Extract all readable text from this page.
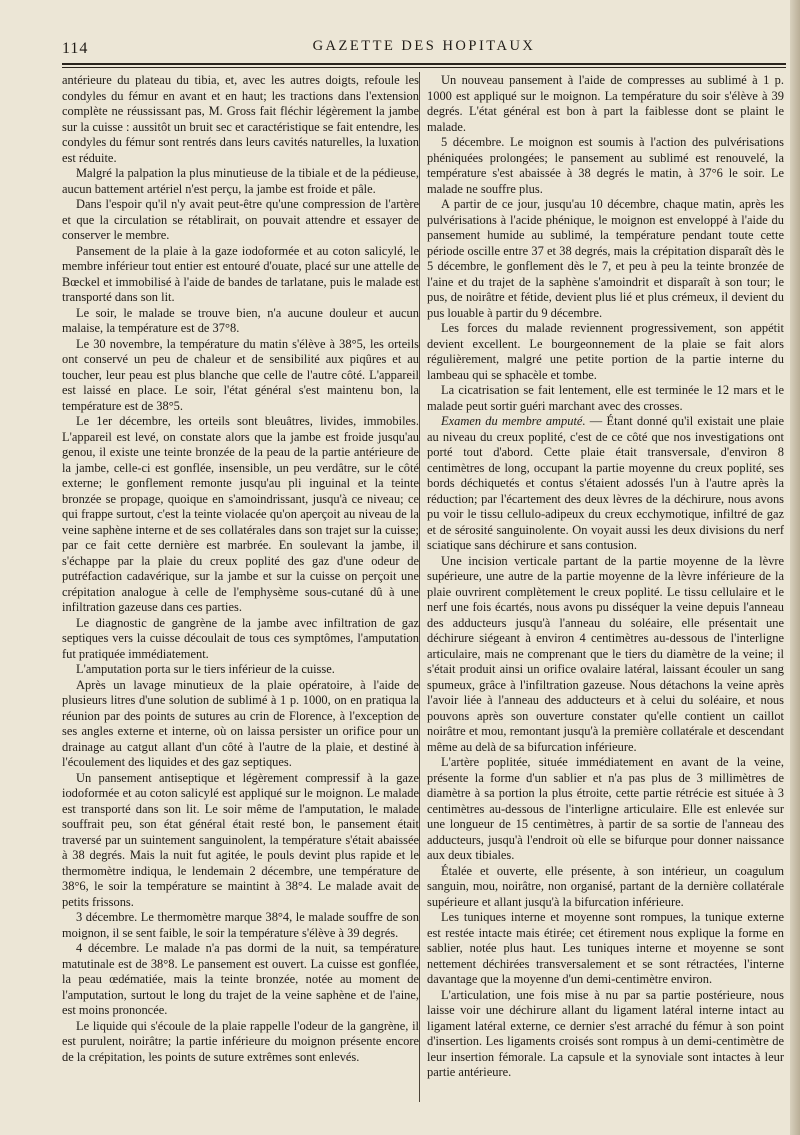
114	GAZETTE DES HOPITAUX

antérieure du plateau du tibia, et, avec les autres doigts, refoule les condyles du fémur en avant et en haut; les tractions dans l'extension complète ne réussissant pas, M. Gross fait fléchir légèrement la jambe sur la cuisse : aussitôt un bruit sec et caractéristique se fait entendre, les condyles du fémur sont rentrés dans leurs cavités naturelles, la luxation est réduite.

Malgré la palpation la plus minutieuse de la tibiale et de la pédieuse, aucun battement artériel n'est perçu, la jambe est froide et pâle.

Dans l'espoir qu'il n'y avait peut-être qu'une compression de l'artère et que la circulation se rétablirait, on pouvait attendre et essayer de conserver le membre.

Pansement de la plaie à la gaze iodoformée et au coton salicylé, le membre inférieur tout entier est entouré d'ouate, placé sur une attelle de Bœckel et immobilisé à l'aide de bandes de tarlatane, puis le malade est transporté dans son lit.

Le soir, le malade se trouve bien, n'a aucune douleur et aucun malaise, la température est de 37°8.

Le 30 novembre, la température du matin s'élève à 38°5, les orteils ont conservé un peu de chaleur et de sensibilité aux piqûres et au toucher, leur peau est plus blanche que celle de l'autre côté. L'appareil est laissé en place. Le soir, l'état général s'est maintenu bon, la température est de 38°5.

Le 1er décembre, les orteils sont bleuâtres, livides, immobiles. L'appareil est levé, on constate alors que la jambe est froide jusqu'au genou, il existe une teinte bronzée de la peau de la partie antérieure de la jambe, celle-ci est gonflée, insensible, un peu verdâtre, sur le côté externe; le gonflement remonte jusqu'au pli inguinal et la teinte bronzée se propage, quoique en s'amoindrissant, jusqu'à ce niveau; ce qui frappe surtout, c'est la teinte violacée qu'on aperçoit au niveau de la veine saphène interne et de ses collatérales dans son trajet sur la cuisse; par ce fait cette dernière est marbrée. En soulevant la jambe, il s'échappe par la plaie du creux poplité des gaz d'une odeur de putréfaction cadavérique, sur la jambe et sur la cuisse on perçoit une crépitation analogue à celle de l'emphysème sous-cutané dû à une infiltration gazeuse dans ces parties.

Le diagnostic de gangrène de la jambe avec infiltration de gaz septiques vers la cuisse découlait de tous ces symptômes, l'amputation fut pratiquée immédiatement.

L'amputation porta sur le tiers inférieur de la cuisse.

Après un lavage minutieux de la plaie opératoire, à l'aide de plusieurs litres d'une solution de sublimé à 1 p. 1000, on en pratiqua la réunion par des points de sutures au crin de Florence, à l'exception de ses angles externe et interne, où on laissa persister un orifice pour un drainage au catgut allant d'un côté à l'autre de la plaie, et destiné à l'écoulement des liquides et des gaz septiques.

Un pansement antiseptique et légèrement compressif à la gaze iodoformée et au coton salicylé est appliqué sur le moignon. Le malade est transporté dans son lit. Le soir même de l'amputation, le malade souffrait peu, son état général était resté bon, le pansement était traversé par un suintement sanguinolent, la température s'était abaissée à 38 degrés. Mais la nuit fut agitée, le pouls devint plus rapide et le thermomètre indiqua, le lendemain 2 décembre, une température de 38°6, le soir la température se maintint à 38°4. Le malade avait de petits frissons.

3 décembre. Le thermomètre marque 38°4, le malade souffre de son moignon, il se sent faible, le soir la température s'élève à 39 degrés.

4 décembre. Le malade n'a pas dormi de la nuit, sa température matutinale est de 38°8. Le pansement est ouvert. La cuisse est gonflée, la peau œdématiée, mais la teinte bronzée, notée au moment de l'amputation, surtout le long du trajet de la veine saphène et de l'aine, est moins prononcée.

Le liquide qui s'écoule de la plaie rappelle l'odeur de la gangrène, il est purulent, noirâtre; la partie inférieure du moignon présente encore de la crépitation, les points de suture extrêmes sont enlevés.

Un nouveau pansement à l'aide de compresses au sublimé à 1 p. 1000 est appliqué sur le moignon. La température du soir s'élève à 39 degrés. L'état général est bon à part la faiblesse dont se plaint le malade.

5 décembre. Le moignon est soumis à l'action des pulvérisations phéniquées prolongées; le pansement au sublimé est renouvelé, la température s'est abaissée à 38 degrés le matin, à 37°6 le soir. Le malade ne souffre plus.

A partir de ce jour, jusqu'au 10 décembre, chaque matin, après les pulvérisations à l'acide phénique, le moignon est enveloppé à l'aide du pansement humide au sublimé, la température pendant toute cette période oscille entre 37 et 38 degrés, mais la crépitation disparaît dès le 5 décembre, le gonflement dès le 7, et peu à peu la teinte bronzée de l'aine et du trajet de la saphène s'amoindrit et disparaît à son tour; le pus, de noirâtre et fétide, devient plus lié et plus crémeux, il devient du pus louable à partir du 9 décembre.

Les forces du malade reviennent progressivement, son appétit devient excellent. Le bourgeonnement de la plaie se fait alors régulièrement, malgré une petite portion de la partie interne du lambeau qui se sphacèle et tombe.

La cicatrisation se fait lentement, elle est terminée le 12 mars et le malade peut sortir guéri marchant avec des crosses.

Examen du membre amputé. — Étant donné qu'il existait une plaie au niveau du creux poplité, c'est de ce côté que nos investigations ont porté tout d'abord. Cette plaie était transversale, d'environ 8 centimètres de long, occupant la partie moyenne du creux poplité, ses bords déchiquetés et contus s'étaient adossés l'un à l'autre après la réduction; par l'écartement des deux lèvres de la déchirure, nous avons pu voir le tissu cellulo-adipeux du creux ecchymotique, infiltré de gaz et de sérosité sanguinolente. On voyait aussi les deux divisions du nerf sciatique sans déchirure et sans contusion.

Une incision verticale partant de la partie moyenne de la lèvre supérieure, une autre de la partie moyenne de la lèvre inférieure de la plaie ouvrirent complètement le creux poplité. Le tissu cellulaire et le nerf une fois écartés, nous avons pu disséquer la veine depuis l'anneau des adducteurs jusqu'à l'anneau du soléaire, elle présentait une déchirure siégeant à environ 4 centimètres au-dessous de l'interligne articulaire, mais ne comprenant que le tiers du diamètre de la veine; il s'était produit ainsi un orifice ovalaire latéral, laissant écouler un sang spumeux, grâce à l'infiltration gazeuse. Nous détachons la veine après l'avoir liée à l'anneau des adducteurs et à celui du soléaire, et nous pouvons après son ouverture constater qu'elle contient un caillot noirâtre et mou, remontant jusqu'à la première collatérale et descendant même au delà de sa bifurcation inférieure.

L'artère poplitée, située immédiatement en avant de la veine, présente la forme d'un sablier et n'a pas plus de 3 millimètres de diamètre à sa portion la plus étroite, cette partie rétrécie est située à 3 centimètres au-dessous de l'interligne articulaire. Elle est enlevée sur une longueur de 15 centimètres, à partir de sa sortie de l'anneau des adducteurs, jusqu'à l'endroit où elle se bifurque pour donner naissance aux deux tibiales.

Étalée et ouverte, elle présente, à son intérieur, un coagulum sanguin, mou, noirâtre, non organisé, partant de la dernière collatérale supérieure et allant jusqu'à la bifurcation inférieure.

Les tuniques interne et moyenne sont rompues, la tunique externe est restée intacte mais étirée; cet étirement nous explique la forme en sablier, notée plus haut. Les tuniques interne et moyenne se sont nettement déchirées transversalement et se sont rétractées, l'interne davantage que la moyenne d'un demi-centimètre environ.

L'articulation, une fois mise à nu par sa partie postérieure, nous laisse voir une déchirure allant du ligament latéral interne intact au ligament latéral externe, ce dernier s'est arraché du fémur à son point d'insertion. Les ligaments croisés sont rompus à un demi-centimètre de leur insertion fémorale. La capsule et la synoviale sont intactes à leur partie antérieure.
